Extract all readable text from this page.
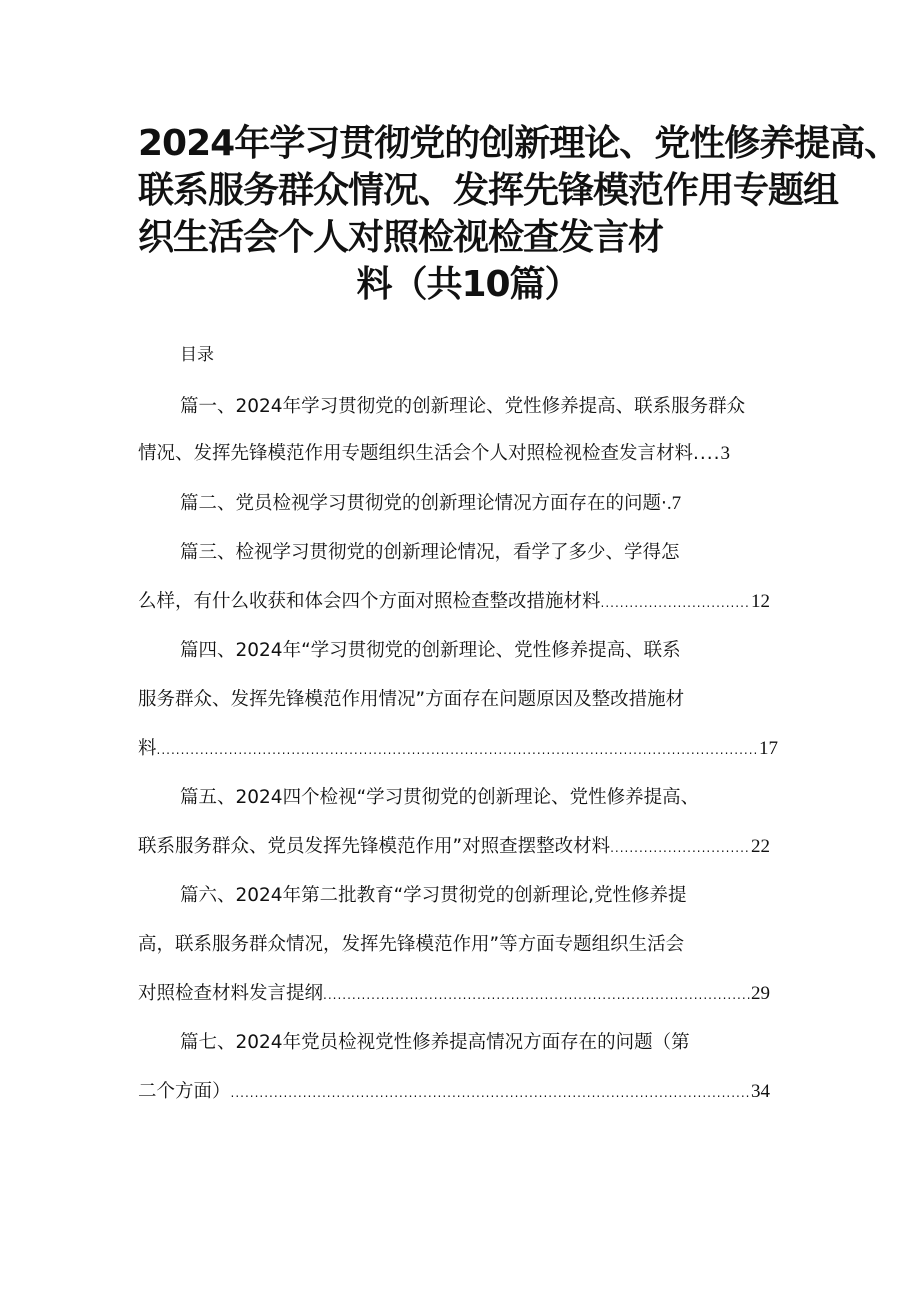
2024年学习贯彻党的创新理论、党性修养提高、
联系服务群众情况、发挥先锋模范作用专题组
织生活会个人对照检视检查发言材
料（共10篇）
目录
篇一、2024年学习贯彻党的创新理论、党性修养提高、联系服务群众
情况、发挥先锋模范作用专题组织生活会个人对照检视检查发言材料 .... 3
篇二、党员检视学习贯彻党的创新理论情况方面存在的问题 · .7
篇三、检视学习贯彻党的创新理论情况，看学了多少、学得怎
么样，有什么收获和体会四个方面对照检查整改措施材料 .....	12
篇四、2024年“学习贯彻党的创新理论、党性修养提高、联系
服务群众、发挥先锋模范作用情况”方面存在问题原因及整改措施材
料 .....	17
篇五、2024四个检视“学习贯彻党的创新理论、党性修养提高、
联系服务群众、党员发挥先锋模范作用”对照查摆整改材料 .....	22
篇六、2024年第二批教育“学习贯彻党的创新理论,党性修养提
高，联系服务群众情况，发挥先锋模范作用”等方面专题组织生活会
对照检查材料发言提纲 .....	29
篇七、2024年党员检视党性修养提高情况方面存在的问题（第
二个方面） .....	34
